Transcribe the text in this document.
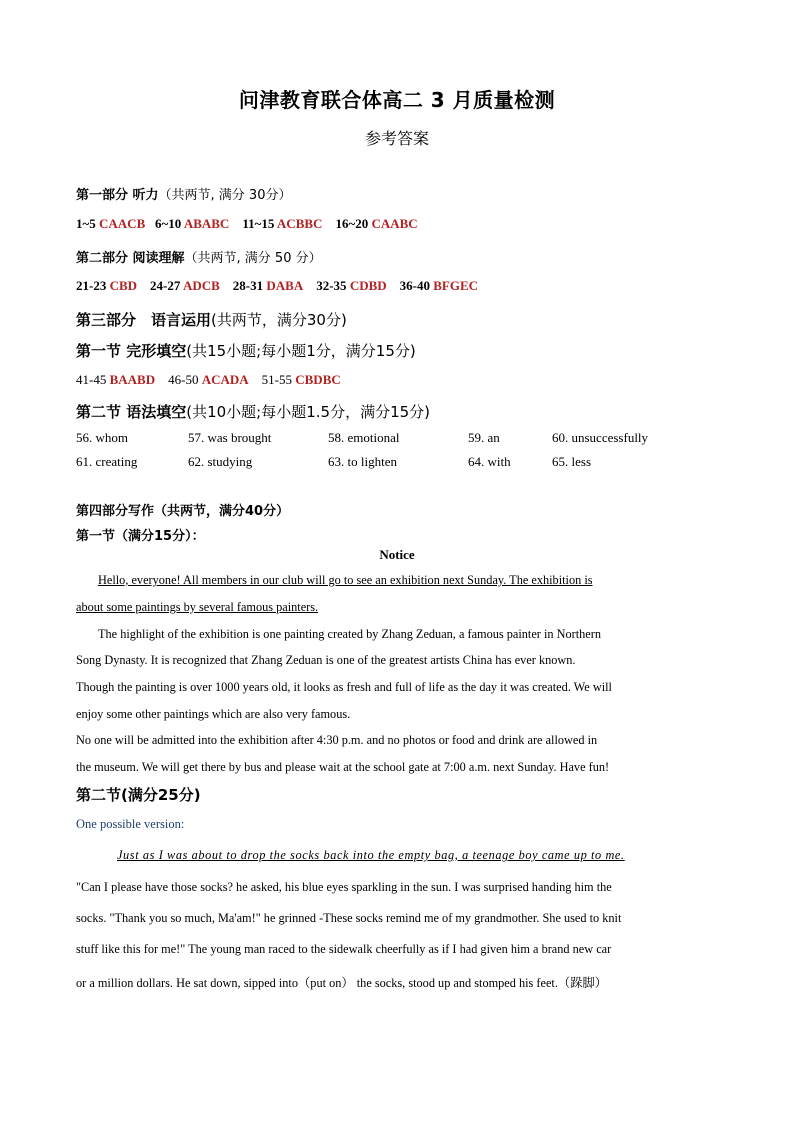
问津教育联合体高二 3 月质量检测
参考答案
第一部分 听力（共两节, 满分 30分）
1~5 CAACB 6~10 ABABC 11~15 ACBBC 16~20 CAABC
第二部分 阅读理解（共两节, 满分 50 分）
21-23 CBD 24-27 ADCB 28-31 DABA 32-35 CDBD 36-40 BFGEC
第三部分　语言运用(共两节，满分30分)
第一节 完形填空(共15小题;每小题1分，满分15分)
41-45 BAABD 46-50 ACADA 51-55 CBDBC
第二节 语法填空(共10小题;每小题1.5分，满分15分)
56. whom	57. was brought	58. emotional	59. an	60. unsuccessfully
61. creating	62. studying	63. to lighten	64. with	65. less
第四部分写作（共两节，满分40分）
第一节（满分15分）：
Notice
Hello, everyone! All members in our club will go to see an exhibition next Sunday. The exhibition is
about some paintings by several famous painters.
The highlight of the exhibition is one painting created by Zhang Zeduan, a famous painter in Northern
Song Dynasty. It is recognized that Zhang Zeduan is one of the greatest artists China has ever known.
Though the painting is over 1000 years old, it looks as fresh and full of life as the day it was created. We will
enjoy some other paintings which are also very famous.
No one will be admitted into the exhibition after 4:30 p.m. and no photos or food and drink are allowed in
the museum. We will get there by bus and please wait at the school gate at 7:00 a.m. next Sunday. Have fun!
第二节(满分25分)
One possible version:
Just as I was about to drop the socks back into the empty bag, a teenage boy came up to me.
"Can I please have those socks? he asked, his blue eyes sparkling in the sun. I was surprised handing him the
socks. "Thank you so much, Ma'am!" he grinned -These socks remind me of my grandmother. She used to knit
stuff like this for me!" The young man raced to the sidewalk cheerfully as if I had given him a brand new car
or a million dollars. He sat down, sipped into（put on） the socks, stood up and stomped his feet.（跺脚）
